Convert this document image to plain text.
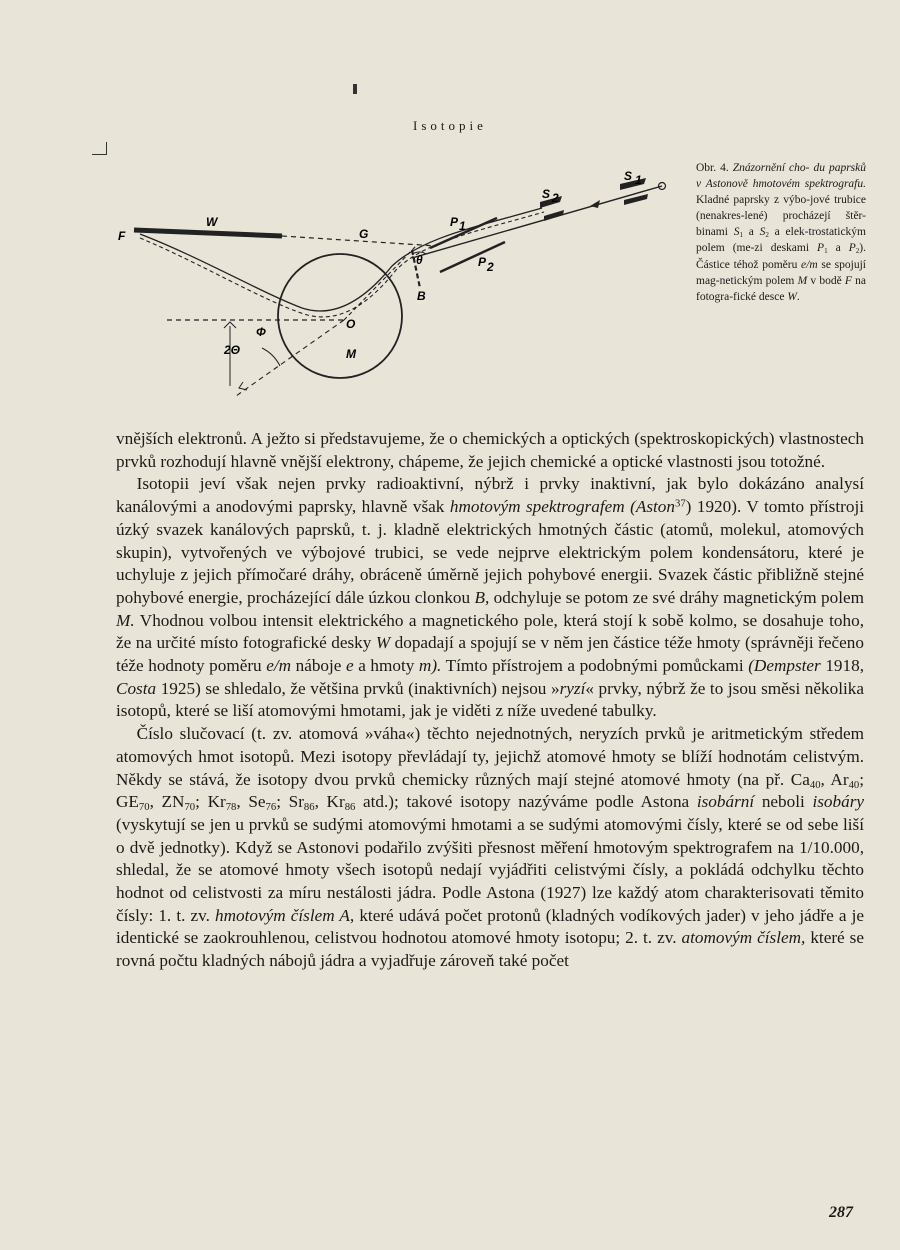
Isotopie
F
W
G
P 1
P 2
S 2
S 1
θ
B
O
M
Φ
2Θ
Obr. 4. Znázornění cho- du paprsků v Astonově hmotovém spektrografu. Kladné paprsky z výbo-jové trubice (nenakres-lené) procházejí štěr-binami $S_1$ a $S_2$ a elek-trostatickým polem (me-zi deskami $P_1$ a $P_2$). Částice téhož poměru e/m se spojují mag-netickým polem M v bodě F na fotogra-fické desce W.

vnějších elektronů. A ježto si představujeme, že o chemických a optických (spektroskopických) vlastnostech prvků rozhodují hlavně vnější elektrony, chápeme, že jejich chemické a optické vlastnosti jsou totožné.

Isotopii jeví však nejen prvky radioaktivní, nýbrž i prvky inaktivní, jak bylo dokázáno analysí kanálovými a anodovými paprsky, hlavně však hmotovým spektrografem (Aston$^{37}$) 1920). V tomto přístroji úzký svazek kanálových paprsků, t. j. kladně elektrických hmotných částic (atomů, molekul, atomových skupin), vytvořených ve výbojové trubici, se vede nejprve elektrickým polem kondensátoru, které je uchyluje z jejich přímočaré dráhy, obráceně úměrně jejich pohybové energii. Svazek částic přibližně stejné pohybové energie, procházející dále úzkou clonkou B, odchyluje se potom ze své dráhy magnetickým polem M. Vhodnou volbou intensit elektrického a magnetického pole, která stojí k sobě kolmo, se dosahuje toho, že na určité místo fotografické desky W dopadají a spojují se v něm jen částice téže hmoty (správněji řečeno téže hodnoty poměru e/m náboje e a hmoty m). Tímto přístrojem a podobnými pomůckami (Dempster 1918, Costa 1925) se shledalo, že většina prvků (inaktivních) nejsou »ryzí« prvky, nýbrž že to jsou směsi několika isotopů, které se liší atomovými hmotami, jak je viděti z níže uvedené tabulky.

Číslo slučovací (t. zv. atomová »váha«) těchto nejednotných, neryzích prvků je aritmetickým středem atomových hmot isotopů. Mezi isotopy převládají ty, jejichž atomové hmoty se blíží hodnotám celistvým. Někdy se stává, že isotopy dvou prvků chemicky různých mají stejné atomové hmoty (na př. $Ca_{40}$, $Ar_{40}$; $GE_{70}$, $ZN_{70}$; $Kr_{78}$, $Se_{76}$; $Sr_{86}$, $Kr_{86}$ atd.); takové isotopy nazýváme podle Astona isobární neboli isobáry (vyskytují se jen u prvků se sudými atomovými hmotami a se sudými atomovými čísly, které se od sebe liší o dvě jednotky). Když se Astonovi podařilo zvýšiti přesnost měření hmotovým spektrografem na 1/10.000, shledal, že se atomové hmoty všech isotopů nedají vyjádřiti celistvými čísly, a pokládá odchylku těchto hodnot od celistvosti za míru nestálosti jádra. Podle Astona (1927) lze každý atom charakterisovati těmito čísly: 1. t. zv. hmotovým číslem A, které udává počet protonů (kladných vodíkových jader) v jeho jádře a je identické se zaokrouhlenou, celistvou hodnotou atomové hmoty isotopu; 2. t. zv. atomovým číslem, které se rovná počtu kladných nábojů jádra a vyjadřuje zároveň také počet

287
